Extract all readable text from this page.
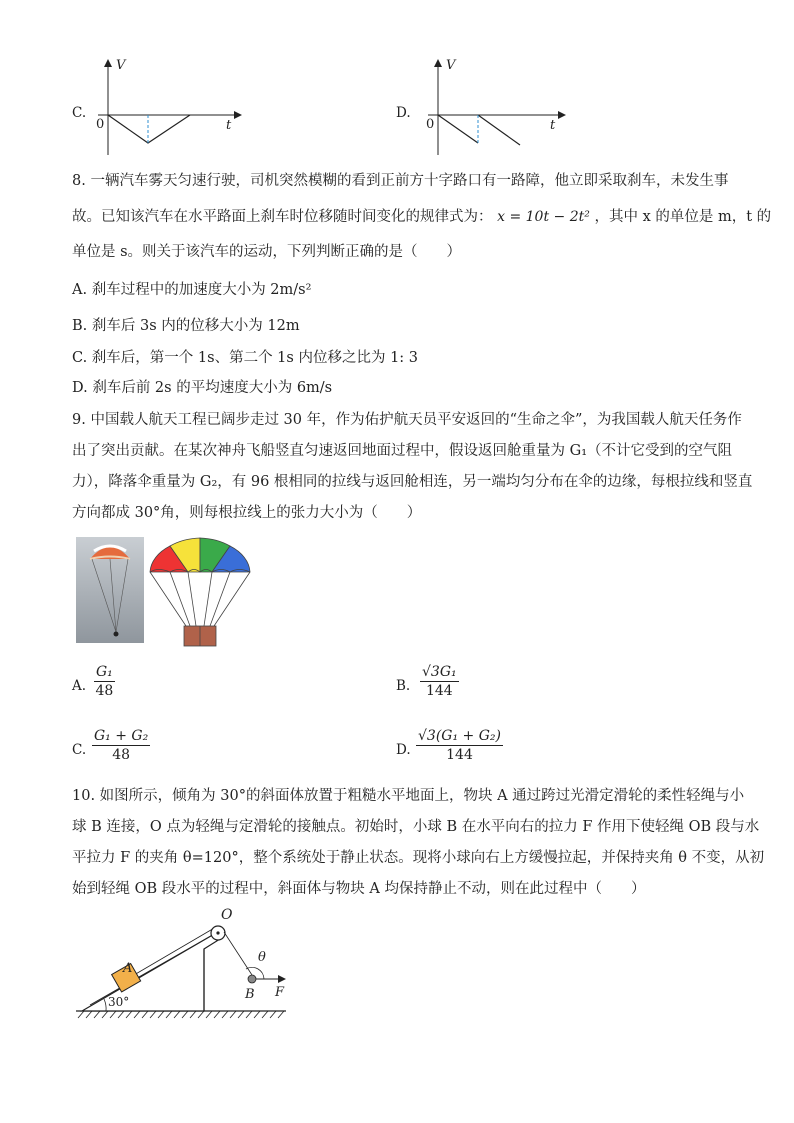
C.
V
t
0
D.
V
t
0
8. 一辆汽车雾天匀速行驶，司机突然模糊的看到正前方十字路口有一路障，他立即采取刹车，未发生事
故。已知该汽车在水平路面上刹车时位移随时间变化的规律式为： x = 10t − 2t² ，其中 x 的单位是 m，t 的
单位是 s。则关于该汽车的运动，下列判断正确的是（　　）
A. 刹车过程中的加速度大小为 2m/s²
B. 刹车后 3s 内的位移大小为 12m
C. 刹车后，第一个 1s、第二个 1s 内位移之比为 1: 3
D. 刹车后前 2s 的平均速度大小为 6m/s
9. 中国载人航天工程已阔步走过 30 年，作为佑护航天员平安返回的“生命之伞”，为我国载人航天任务作
出了突出贡献。在某次神舟飞船竖直匀速返回地面过程中，假设返回舱重量为 G₁（不计它受到的空气阻
力），降落伞重量为 G₂，有 96 根相同的拉线与返回舱相连，另一端均匀分布在伞的边缘，每根拉线和竖直
方向都成 30°角，则每根拉线上的张力大小为（　　）
A.
G₁
48	B.
√3G₁
144
C.
G₁ + G₂
48	D.
√3(G₁ + G₂)
144
10. 如图所示，倾角为 30°的斜面体放置于粗糙水平地面上，物块 A 通过跨过光滑定滑轮的柔性轻绳与小
球 B 连接，O 点为轻绳与定滑轮的接触点。初始时，小球 B 在水平向右的拉力 F 作用下使轻绳 OB 段与水
平拉力 F 的夹角 θ=120°，整个系统处于静止状态。现将小球向右上方缓慢拉起，并保持夹角 θ 不变，从初
始到轻绳 OB 段水平的过程中，斜面体与物块 A 均保持静止不动，则在此过程中（　　）
O
A
θ
B F
30°
